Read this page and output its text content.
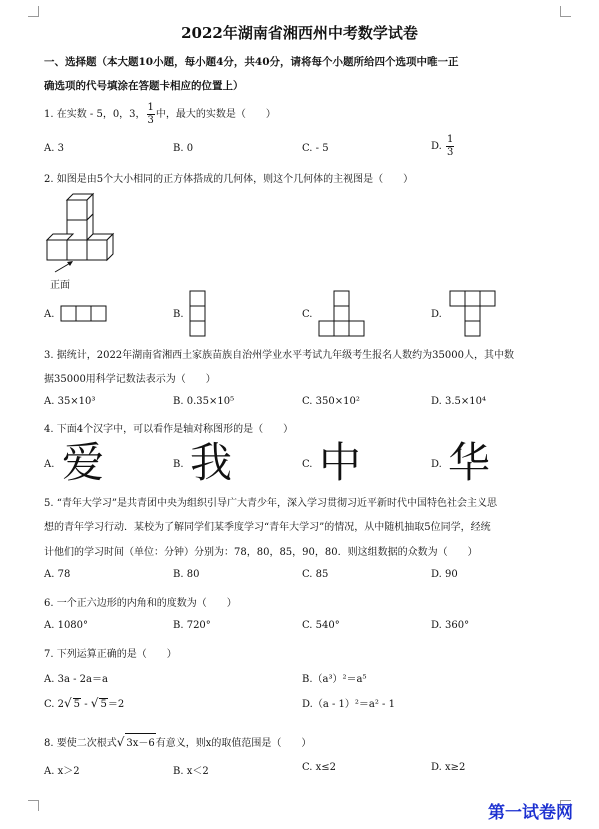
2022年湖南省湘西州中考数学试卷
一、选择题（本大题10小题，每小题4分，共40分，请将每个小题所给四个选项中唯一正
确选项的代号填涂在答题卡相应的位置上）
1. 在实数 - 5，0，3， $\frac{1}{3}$ 中，最大的实数是（　　）
A. 3	B. 0	C. - 5	D. $\frac{1}{3}$
2. 如图是由5个大小相同的正方体搭成的几何体，则这个几何体的主视图是（　　）
正面
A.	B.	C.	D.
3. 据统计，2022年湖南省湘西土家族苗族自治州学业水平考试九年级考生报名人数约为35000人，其中数
据35000用科学记数法表示为（　　）
A. 35×10³	B. 0.35×10⁵	C. 350×10²	D. 3.5×10⁴
4. 下面4个汉字中，可以看作是轴对称图形的是（　　）
A. 爱	B. 我	C. 中	D. 华
5. “青年大学习”是共青团中央为组织引导广大青少年，深入学习贯彻习近平新时代中国特色社会主义思
想的青年学习行动．某校为了解同学们某季度学习“青年大学习”的情况，从中随机抽取5位同学，经统
计他们的学习时间（单位：分钟）分别为：78，80，85，90，80．则这组数据的众数为（　　）
A. 78	B. 80	C. 85	D. 90
6. 一个正六边形的内角和的度数为（　　）
A. 1080°	B. 720°	C. 540°	D. 360°
7. 下列运算正确的是（　　）
A. 3a - 2a＝a	B.（a³）²＝a⁵
C. 2√ 5 - √ 5＝2	D.（a - 1）²＝a² - 1
8. 要使二次根式√ 3x－6有意义，则x的取值范围是（　　）
A. x＞2	B. x＜2	C. x≤2	D. x≥2
第一试卷网
